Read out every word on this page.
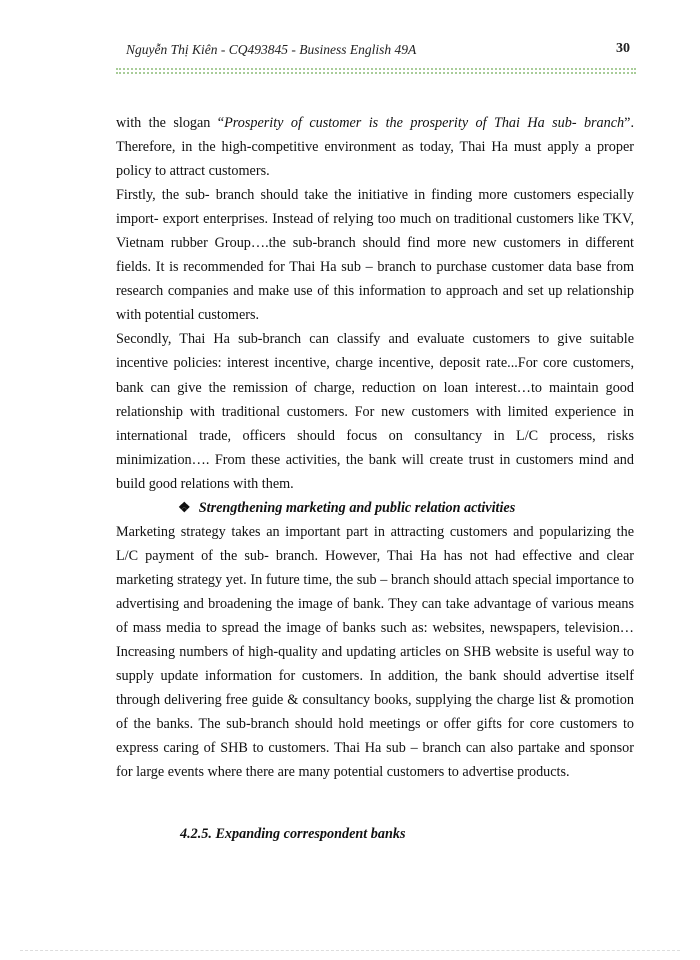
Nguyễn Thị Kiên - CQ493845 - Business English 49A	30

with the slogan “Prosperity of customer is the prosperity of Thai Ha sub- branch”. Therefore, in the high-competitive environment as today, Thai Ha must apply a proper policy to attract customers.

Firstly, the sub- branch should take the initiative in finding more customers especially import- export enterprises. Instead of relying too much on traditional customers like TKV, Vietnam rubber Group….the sub-branch should find more new customers in different fields. It is recommended for Thai Ha sub – branch to purchase customer data base from research companies and make use of this information to approach and set up relationship with potential customers.

Secondly, Thai Ha sub-branch can classify and evaluate customers to give suitable incentive policies: interest incentive, charge incentive, deposit rate...For core customers, bank can give the remission of charge, reduction on loan interest…to maintain good relationship with traditional customers. For new customers with limited experience in international trade, officers should focus on consultancy in L/C process, risks minimization…. From these activities, the bank will create trust in customers mind and build good relations with them.

❖ Strengthening marketing and public relation activities

Marketing strategy takes an important part in attracting customers and popularizing the L/C payment of the sub- branch. However, Thai Ha has not had effective and clear marketing strategy yet. In future time, the sub – branch should attach special importance to advertising and broadening the image of bank. They can take advantage of various means of mass media to spread the image of banks such as: websites, newspapers, television…Increasing numbers of high-quality and updating articles on SHB website is useful way to supply update information for customers. In addition, the bank should advertise itself through delivering free guide & consultancy books, supplying the charge list & promotion of the banks. The sub-branch should hold meetings or offer gifts for core customers to express caring of SHB to customers. Thai Ha sub – branch can also partake and sponsor for large events where there are many potential customers to advertise products.

4.2.5. Expanding correspondent banks
